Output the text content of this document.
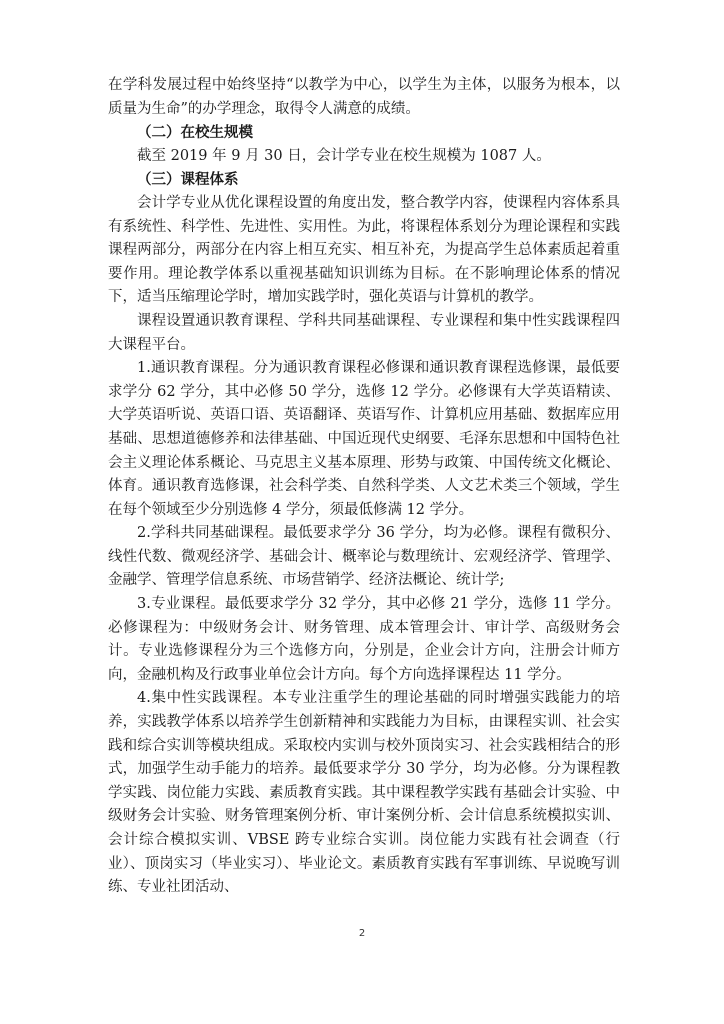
在学科发展过程中始终坚持“以教学为中心，以学生为主体，以服务为根本，以质量为生命”的办学理念，取得令人满意的成绩。

（二）在校生规模

截至 2019 年 9 月 30 日，会计学专业在校生规模为 1087 人。

（三）课程体系

会计学专业从优化课程设置的角度出发，整合教学内容，使课程内容体系具有系统性、科学性、先进性、实用性。为此，将课程体系划分为理论课程和实践课程两部分，两部分在内容上相互充实、相互补充，为提高学生总体素质起着重要作用。理论教学体系以重视基础知识训练为目标。在不影响理论体系的情况下，适当压缩理论学时，增加实践学时，强化英语与计算机的教学。

课程设置通识教育课程、学科共同基础课程、专业课程和集中性实践课程四大课程平台。

1.通识教育课程。分为通识教育课程必修课和通识教育课程选修课，最低要求学分 62 学分，其中必修 50 学分，选修 12 学分。必修课有大学英语精读、大学英语听说、英语口语、英语翻译、英语写作、计算机应用基础、数据库应用基础、思想道德修养和法律基础、中国近现代史纲要、毛泽东思想和中国特色社会主义理论体系概论、马克思主义基本原理、形势与政策、中国传统文化概论、体育。通识教育选修课，社会科学类、自然科学类、人文艺术类三个领域，学生在每个领域至少分别选修 4 学分，须最低修满 12 学分。

2.学科共同基础课程。最低要求学分 36 学分，均为必修。课程有微积分、线性代数、微观经济学、基础会计、概率论与数理统计、宏观经济学、管理学、金融学、管理学信息系统、市场营销学、经济法概论、统计学;

3.专业课程。最低要求学分 32 学分，其中必修 21 学分，选修 11 学分。必修课程为：中级财务会计、财务管理、成本管理会计、审计学、高级财务会计。专业选修课程分为三个选修方向，分别是，企业会计方向，注册会计师方向，金融机构及行政事业单位会计方向。每个方向选择课程达 11 学分。

4.集中性实践课程。本专业注重学生的理论基础的同时增强实践能力的培养，实践教学体系以培养学生创新精神和实践能力为目标，由课程实训、社会实践和综合实训等模块组成。采取校内实训与校外顶岗实习、社会实践相结合的形式，加强学生动手能力的培养。最低要求学分 30 学分，均为必修。分为课程教学实践、岗位能力实践、素质教育实践。其中课程教学实践有基础会计实验、中级财务会计实验、财务管理案例分析、审计案例分析、会计信息系统模拟实训、会计综合模拟实训、VBSE 跨专业综合实训。岗位能力实践有社会调查（行业）、顶岗实习（毕业实习）、毕业论文。素质教育实践有军事训练、早说晚写训练、专业社团活动、

2
